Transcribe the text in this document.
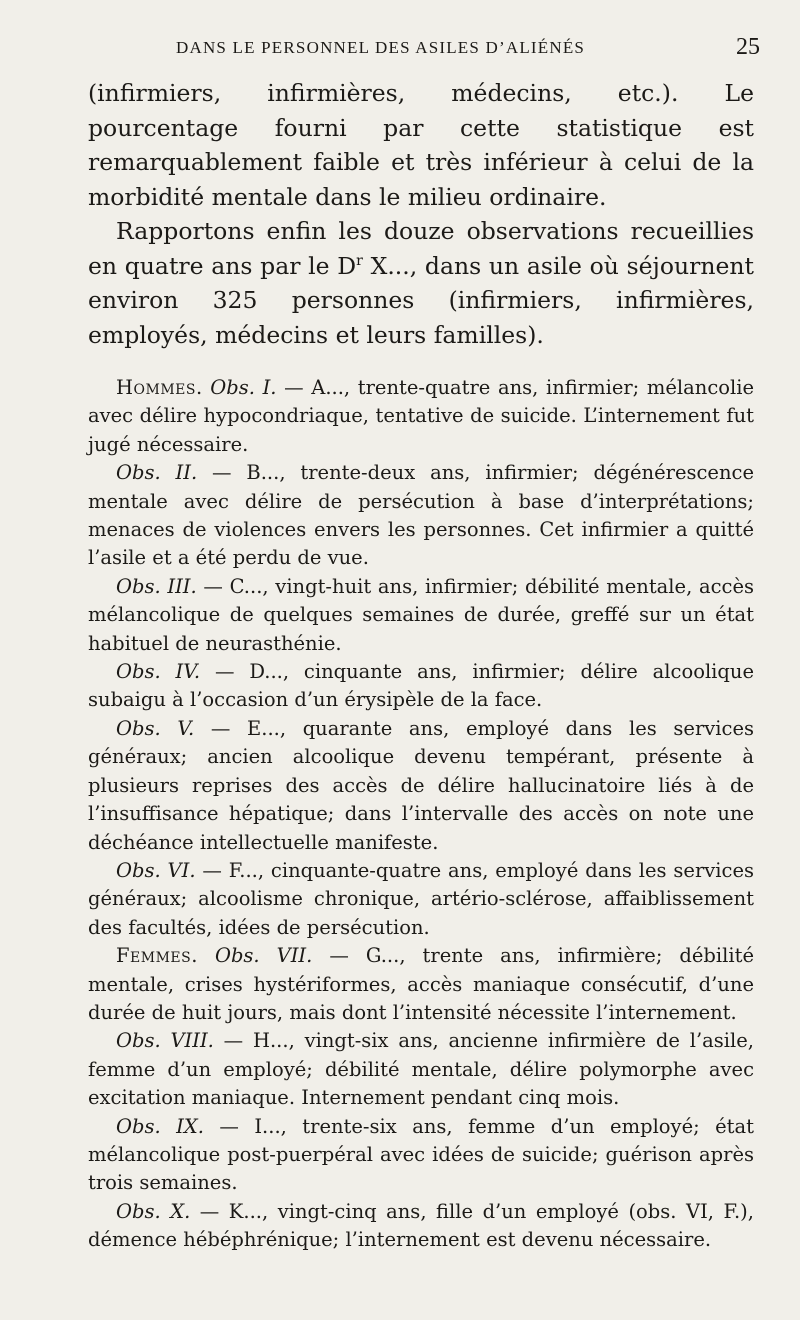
DANS LE PERSONNEL DES ASILES D’ALIÉNÉS	25

(infirmiers, infirmières, médecins, etc.). Le pourcentage fourni par cette statistique est remarquablement faible et très inférieur à celui de la morbidité mentale dans le milieu ordinaire.

Rapportons enfin les douze observations recueillies en quatre ans par le $D^r$ X..., dans un asile où séjournent environ 325 personnes (infirmiers, infirmières, employés, médecins et leurs familles).

Hommes. Obs. I. — A..., trente-quatre ans, infirmier; mélancolie avec délire hypocondriaque, tentative de suicide. L’internement fut jugé nécessaire.

Obs. II. — B..., trente-deux ans, infirmier; dégénérescence mentale avec délire de persécution à base d’interprétations; menaces de violences envers les personnes. Cet infirmier a quitté l’asile et a été perdu de vue.

Obs. III. — C..., vingt-huit ans, infirmier; débilité mentale, accès mélancolique de quelques semaines de durée, greffé sur un état habituel de neurasthénie.

Obs. IV. — D..., cinquante ans, infirmier; délire alcoolique subaigu à l’occasion d’un érysipèle de la face.

Obs. V. — E..., quarante ans, employé dans les services généraux; ancien alcoolique devenu tempérant, présente à plusieurs reprises des accès de délire hallucinatoire liés à de l’insuffisance hépatique; dans l’intervalle des accès on note une déchéance intellectuelle manifeste.

Obs. VI. — F..., cinquante-quatre ans, employé dans les services généraux; alcoolisme chronique, artério-sclérose, affaiblissement des facultés, idées de persécution.

Femmes. Obs. VII. — G..., trente ans, infirmière; débilité mentale, crises hystériformes, accès maniaque consécutif, d’une durée de huit jours, mais dont l’intensité nécessite l’internement.

Obs. VIII. — H..., vingt-six ans, ancienne infirmière de l’asile, femme d’un employé; débilité mentale, délire polymorphe avec excitation maniaque. Internement pendant cinq mois.

Obs. IX. — I..., trente-six ans, femme d’un employé; état mélancolique post-puerpéral avec idées de suicide; guérison après trois semaines.

Obs. X. — K..., vingt-cinq ans, fille d’un employé (obs. VI, F.), démence hébéphrénique; l’internement est devenu nécessaire.
